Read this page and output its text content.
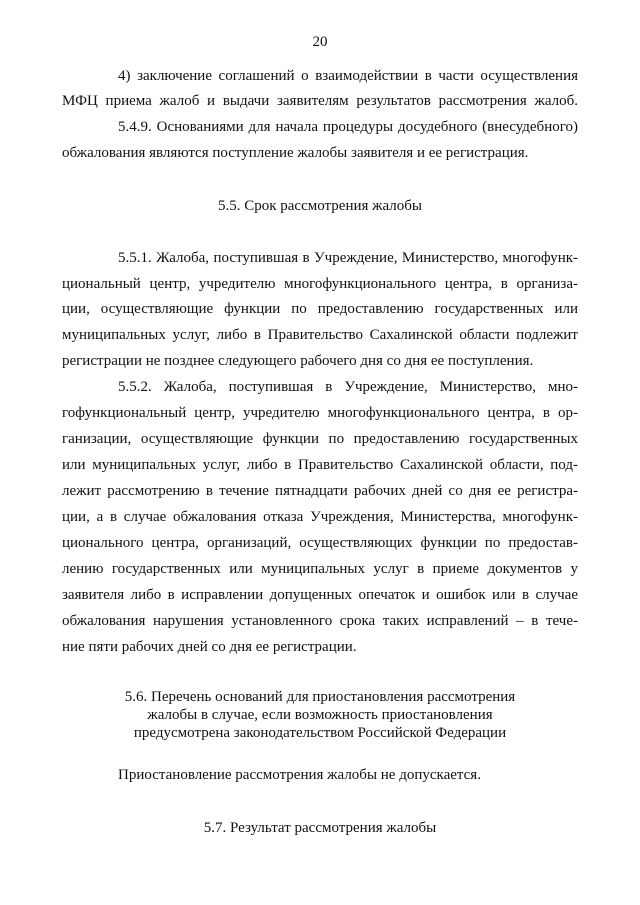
20
4) заключение соглашений о взаимодействии в части осуществления
МФЦ приема жалоб и выдачи заявителям результатов рассмотрения жалоб.
5.4.9. Основаниями для начала процедуры досудебного (внесудебного)
обжалования являются поступление жалобы заявителя и ее регистрация.
5.5. Срок рассмотрения жалобы
5.5.1. Жалоба, поступившая в Учреждение, Министерство, многофунк-
циональный центр, учредителю многофункционального центра, в организа-
ции, осуществляющие функции по предоставлению государственных или
муниципальных услуг, либо в Правительство Сахалинской области подлежит
регистрации не позднее следующего рабочего дня со дня ее поступления.
5.5.2. Жалоба, поступившая в Учреждение, Министерство, мно-
гофункциональный центр, учредителю многофункционального центра, в ор-
ганизации, осуществляющие функции по предоставлению государственных
или муниципальных услуг, либо в Правительство Сахалинской области, под-
лежит рассмотрению в течение пятнадцати рабочих дней со дня ее регистра-
ции, а в случае обжалования отказа Учреждения, Министерства, многофунк-
ционального центра, организаций, осуществляющих функции по предостав-
лению государственных или муниципальных услуг в приеме документов у
заявителя либо в исправлении допущенных опечаток и ошибок или в случае
обжалования нарушения установленного срока таких исправлений – в тече-
ние пяти рабочих дней со дня ее регистрации.
5.6. Перечень оснований для приостановления рассмотрения
жалобы в случае, если возможность приостановления
предусмотрена законодательством Российской Федерации
Приостановление рассмотрения жалобы не допускается.
5.7. Результат рассмотрения жалобы
